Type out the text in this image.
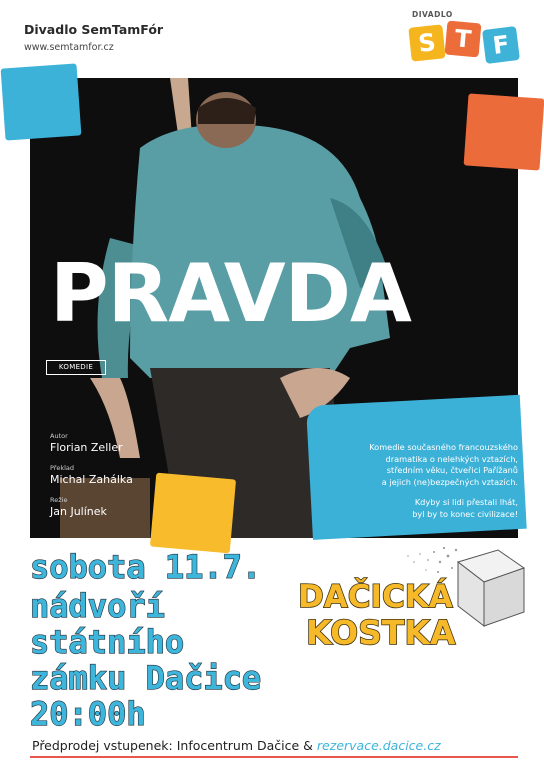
Divadlo SemTamFór
www.semtamfor.cz
DIVADLO
S T F
PRAVDA
KOMEDIE
Autor
Florian Zeller
Překlad
Michal Zahálka
Režie
Jan Julínek

Komedie současného francouzského
dramatika o nelehkých vztazích,
středním věku, čtveřici Pařížanů
a jejich (ne)bezpečných vztazích.

Kdyby si lidi přestali lhát,
byl by to konec civilizace!

sobota 11.7.
nádvoří
státního
zámku Dačice
20:00h
DAČICKÁ
KOSTKA
Předprodej vstupenek: Infocentrum Dačice & rezervace.dacice.cz
